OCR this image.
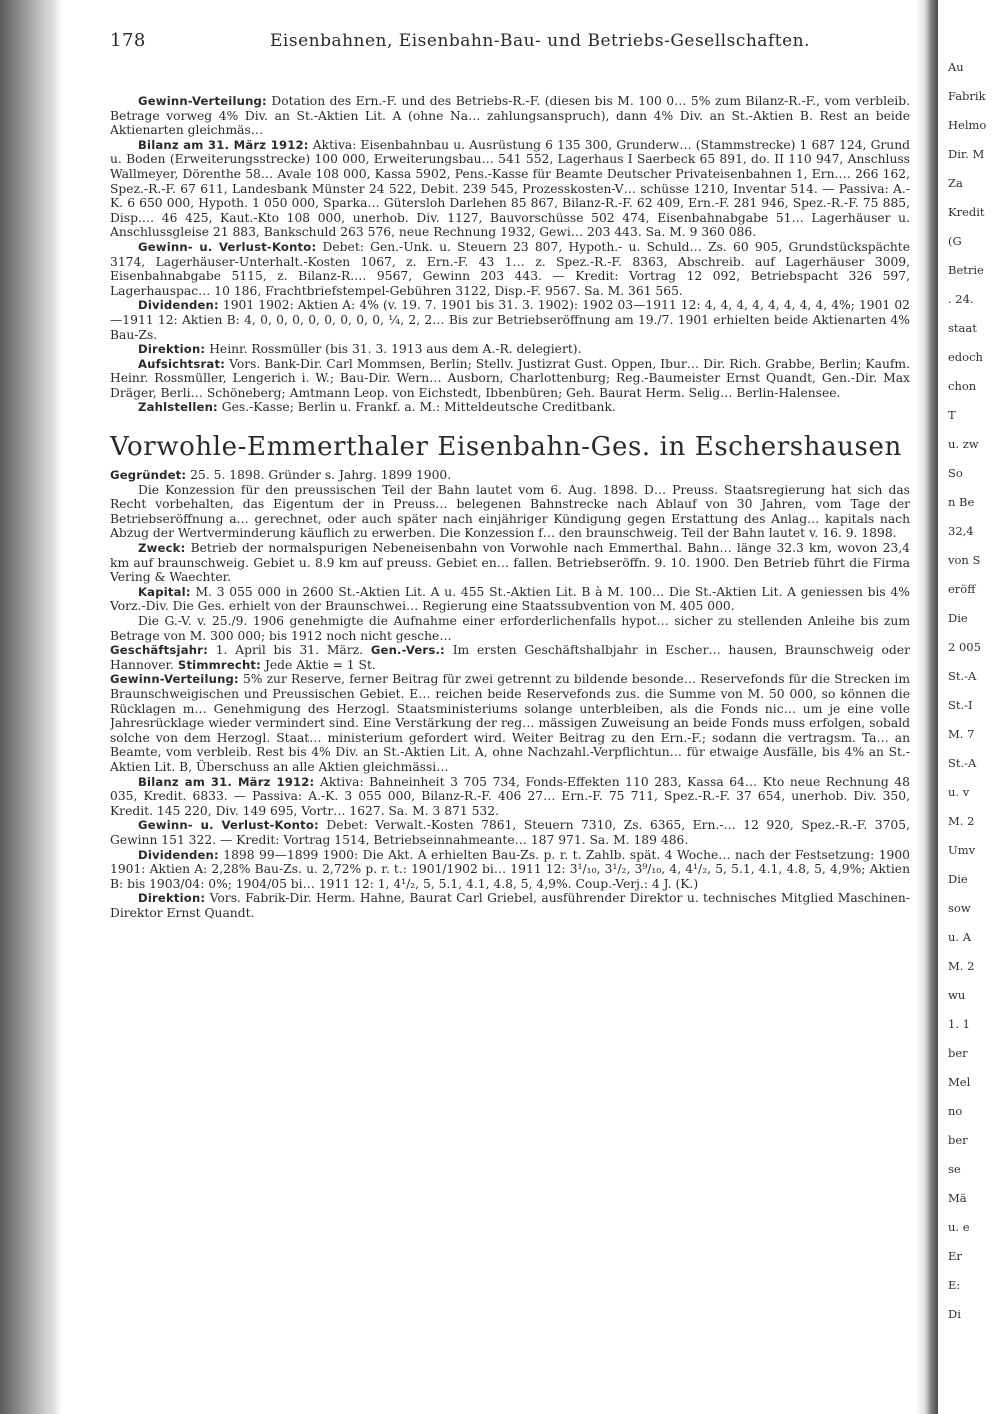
178	Eisenbahnen, Eisenbahn-Bau- und Betriebs-Gesellschaften.

Gewinn-Verteilung: Dotation des Ern.-F. und des Betriebs-R.-F. (diesen bis M. 100 0… 5% zum Bilanz-R.-F., vom verbleib. Betrage vorweg 4% Div. an St.-Aktien Lit. A (ohne Na… zahlungsanspruch), dann 4% Div. an St.-Aktien B. Rest an beide Aktienarten gleichmäs…

Bilanz am 31. März 1912: Aktiva: Eisenbahnbau u. Ausrüstung 6 135 300, Grunderw… (Stammstrecke) 1 687 124, Grund u. Boden (Erweiterungsstrecke) 100 000, Erweiterungsbau… 541 552, Lagerhaus I Saerbeck 65 891, do. II 110 947, Anschluss Wallmeyer, Dörenthe 58… Avale 108 000, Kassa 5902, Pens.-Kasse für Beamte Deutscher Privateisenbahnen 1, Ern.… 266 162, Spez.-R.-F. 67 611, Landesbank Münster 24 522, Debit. 239 545, Prozesskosten-V… schüsse 1210, Inventar 514. — Passiva: A.-K. 6 650 000, Hypoth. 1 050 000, Sparka… Gütersloh Darlehen 85 867, Bilanz-R.-F. 62 409, Ern.-F. 281 946, Spez.-R.-F. 75 885, Disp.… 46 425, Kaut.-Kto 108 000, unerhob. Div. 1127, Bauvorschüsse 502 474, Eisenbahnabgabe 51… Lagerhäuser u. Anschlussgleise 21 883, Bankschuld 263 576, neue Rechnung 1932, Gewi… 203 443. Sa. M. 9 360 086.

Gewinn- u. Verlust-Konto: Debet: Gen.-Unk. u. Steuern 23 807, Hypoth.- u. Schuld… Zs. 60 905, Grundstückspächte 3174, Lagerhäuser-Unterhalt.-Kosten 1067, z. Ern.-F. 43 1… z. Spez.-R.-F. 8363, Abschreib. auf Lagerhäuser 3009, Eisenbahnabgabe 5115, z. Bilanz-R.… 9567, Gewinn 203 443. — Kredit: Vortrag 12 092, Betriebspacht 326 597, Lagerhauspac… 10 186, Frachtbriefstempel-Gebühren 3122, Disp.-F. 9567. Sa. M. 361 565.

Dividenden: 1901 1902: Aktien A: 4% (v. 19. 7. 1901 bis 31. 3. 1902): 1902 03—1911 12: 4, 4, 4, 4, 4, 4, 4, 4, 4%; 1901 02—1911 12: Aktien B: 4, 0, 0, 0, 0, 0, 0, 0, 0, ¼, 2, 2… Bis zur Betriebseröffnung am 19./7. 1901 erhielten beide Aktienarten 4% Bau-Zs.

Direktion: Heinr. Rossmüller (bis 31. 3. 1913 aus dem A.-R. delegiert).

Aufsichtsrat: Vors. Bank-Dir. Carl Mommsen, Berlin; Stellv. Justizrat Gust. Oppen, Ibur… Dir. Rich. Grabbe, Berlin; Kaufm. Heinr. Rossmüller, Lengerich i. W.; Bau-Dir. Wern… Ausborn, Charlottenburg; Reg.-Baumeister Ernst Quandt, Gen.-Dir. Max Dräger, Berli… Schöneberg; Amtmann Leop. von Eichstedt, Ibbenbüren; Geh. Baurat Herm. Selig… Berlin-Halensee.

Zahlstellen: Ges.-Kasse; Berlin u. Frankf. a. M.: Mitteldeutsche Creditbank.

Vorwohle-Emmerthaler Eisenbahn-Ges. in Eschershausen

Gegründet: 25. 5. 1898. Gründer s. Jahrg. 1899 1900.

Die Konzession für den preussischen Teil der Bahn lautet vom 6. Aug. 1898. D… Preuss. Staatsregierung hat sich das Recht vorbehalten, das Eigentum der in Preuss… belegenen Bahnstrecke nach Ablauf von 30 Jahren, vom Tage der Betriebseröffnung a… gerechnet, oder auch später nach einjähriger Kündigung gegen Erstattung des Anlag… kapitals nach Abzug der Wertverminderung käuflich zu erwerben. Die Konzession f… den braunschweig. Teil der Bahn lautet v. 16. 9. 1898.

Zweck: Betrieb der normalspurigen Nebeneisenbahn von Vorwohle nach Emmerthal. Bahn… länge 32.3 km, wovon 23,4 km auf braunschweig. Gebiet u. 8.9 km auf preuss. Gebiet en… fallen. Betriebseröffn. 9. 10. 1900. Den Betrieb führt die Firma Vering & Waechter.

Kapital: M. 3 055 000 in 2600 St.-Aktien Lit. A u. 455 St.-Aktien Lit. B à M. 100… Die St.-Aktien Lit. A geniessen bis 4% Vorz.-Div. Die Ges. erhielt von der Braunschwei… Regierung eine Staatssubvention von M. 405 000.

Die G.-V. v. 25./9. 1906 genehmigte die Aufnahme einer erforderlichenfalls hypot… sicher zu stellenden Anleihe bis zum Betrage von M. 300 000; bis 1912 noch nicht gesche…

Geschäftsjahr: 1. April bis 31. März. Gen.-Vers.: Im ersten Geschäftshalbjahr in Escher… hausen, Braunschweig oder Hannover. Stimmrecht: Jede Aktie = 1 St.

Gewinn-Verteilung: 5% zur Reserve, ferner Beitrag für zwei getrennt zu bildende besonde… Reservefonds für die Strecken im Braunschweigischen und Preussischen Gebiet. E… reichen beide Reservefonds zus. die Summe von M. 50 000, so können die Rücklagen m… Genehmigung des Herzogl. Staatsministeriums solange unterbleiben, als die Fonds nic… um je eine volle Jahresrücklage wieder vermindert sind. Eine Verstärkung der reg… mässigen Zuweisung an beide Fonds muss erfolgen, sobald solche von dem Herzogl. Staat… ministerium gefordert wird. Weiter Beitrag zu den Ern.-F.; sodann die vertragsm. Ta… an Beamte, vom verbleib. Rest bis 4% Div. an St.-Aktien Lit. A, ohne Nachzahl.-Verpflichtun… für etwaige Ausfälle, bis 4% an St.-Aktien Lit. B, Überschuss an alle Aktien gleichmässi…

Bilanz am 31. März 1912: Aktiva: Bahneinheit 3 705 734, Fonds-Effekten 110 283, Kassa 64… Kto neue Rechnung 48 035, Kredit. 6833. — Passiva: A.-K. 3 055 000, Bilanz-R.-F. 406 27… Ern.-F. 75 711, Spez.-R.-F. 37 654, unerhob. Div. 350, Kredit. 145 220, Div. 149 695, Vortr… 1627. Sa. M. 3 871 532.

Gewinn- u. Verlust-Konto: Debet: Verwalt.-Kosten 7861, Steuern 7310, Zs. 6365, Ern.-… 12 920, Spez.-R.-F. 3705, Gewinn 151 322. — Kredit: Vortrag 1514, Betriebseinnahmeante… 187 971. Sa. M. 189 486.

Dividenden: 1898 99—1899 1900: Die Akt. A erhielten Bau-Zs. p. r. t. Zahlb. spät. 4 Woche… nach der Festsetzung: 1900 1901: Aktien A: 2,28% Bau-Zs. u. 2,72% p. r. t.: 1901/1902 bi… 1911 12: 3¹/₁₀, 3¹/₂, 3⁹/₁₀, 4, 4¹/₂, 5, 5.1, 4.1, 4.8, 5, 4,9%; Aktien B: bis 1903/04: 0%; 1904/05 bi… 1911 12: 1, 4¹/₂, 5, 5.1, 4.1, 4.8, 5, 4,9%. Coup.-Verj.: 4 J. (K.)

Direktion: Vors. Fabrik-Dir. Herm. Hahne, Baurat Carl Griebel, ausführender Direktor u. technisches Mitglied Maschinen-Direktor Ernst Quandt.

Au
Fabrik
Helmo
Dir. M
Za
Kredit
(G
Betrie
. 24.
staat
edoch
chon
T
u. zw
So
n Be
32,4
von S
eröff
Die
2 005
St.-A
St.-I
M. 7
St.-A
u. v
M. 2
Umv
Die
sow
u. A
M. 2
wu
1. 1
ber
Mel
no
ber
se
Mä
u. e
Er
E:
Di
